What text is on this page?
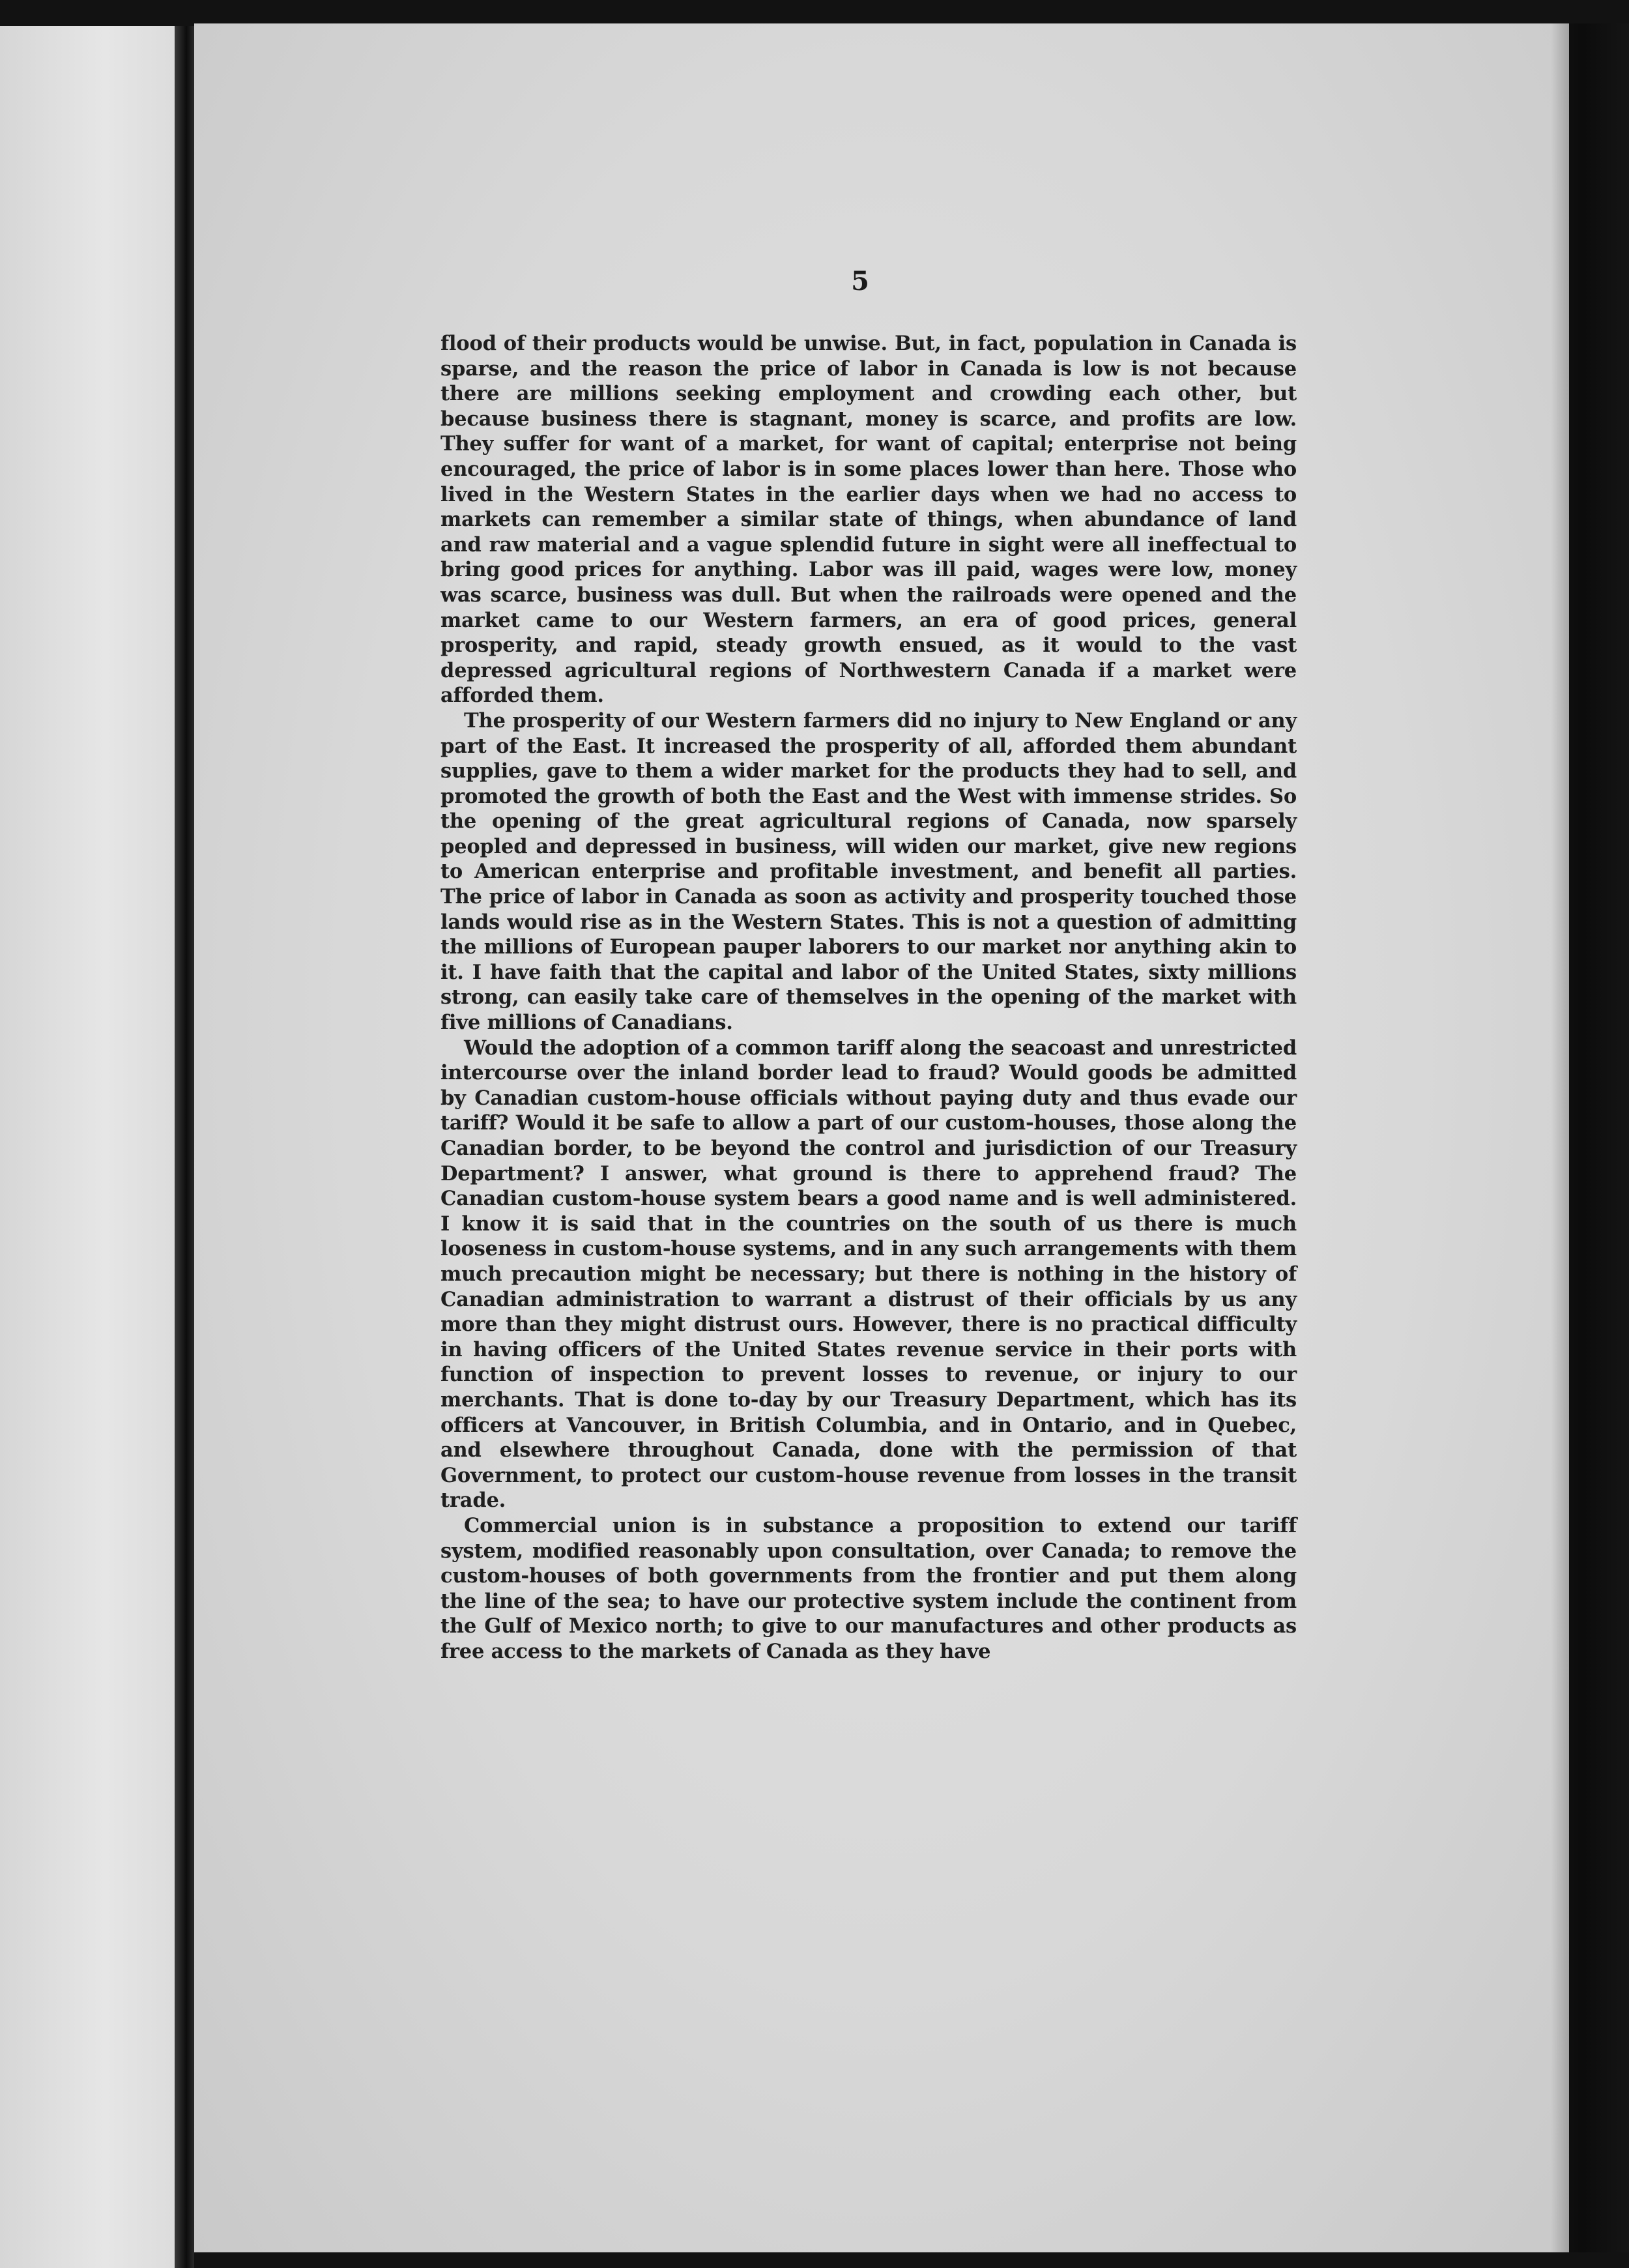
5

flood of their products would be unwise. But, in fact, population in Canada is sparse, and the reason the price of labor in Canada is low is not because there are millions seeking employment and crowding each other, but because business there is stagnant, money is scarce, and profits are low. They suffer for want of a market, for want of capital; enterprise not being encouraged, the price of labor is in some places lower than here. Those who lived in the Western States in the earlier days when we had no access to markets can remember a similar state of things, when abundance of land and raw material and a vague splendid future in sight were all ineffectual to bring good prices for anything. Labor was ill paid, wages were low, money was scarce, business was dull. But when the railroads were opened and the market came to our Western farmers, an era of good prices, general prosperity, and rapid, steady growth ensued, as it would to the vast depressed agricultural regions of Northwestern Canada if a market were afforded them.

The prosperity of our Western farmers did no injury to New England or any part of the East. It increased the prosperity of all, afforded them abundant supplies, gave to them a wider market for the products they had to sell, and promoted the growth of both the East and the West with immense strides. So the opening of the great agricultural regions of Canada, now sparsely peopled and depressed in business, will widen our market, give new regions to American enterprise and profitable investment, and benefit all parties. The price of labor in Canada as soon as activity and prosperity touched those lands would rise as in the Western States. This is not a question of admitting the millions of European pauper laborers to our market nor anything akin to it. I have faith that the capital and labor of the United States, sixty millions strong, can easily take care of themselves in the opening of the market with five millions of Canadians.

Would the adoption of a common tariff along the seacoast and unrestricted intercourse over the inland border lead to fraud? Would goods be admitted by Canadian custom-house officials without paying duty and thus evade our tariff? Would it be safe to allow a part of our custom-houses, those along the Canadian border, to be beyond the control and jurisdiction of our Treasury Department? I answer, what ground is there to apprehend fraud? The Canadian custom-house system bears a good name and is well administered. I know it is said that in the countries on the south of us there is much looseness in custom-house systems, and in any such arrangements with them much precaution might be necessary; but there is nothing in the history of Canadian administration to warrant a distrust of their officials by us any more than they might distrust ours. However, there is no practical difficulty in having officers of the United States revenue service in their ports with function of inspection to prevent losses to revenue, or injury to our merchants. That is done to-day by our Treasury Department, which has its officers at Vancouver, in British Columbia, and in Ontario, and in Quebec, and elsewhere throughout Canada, done with the permission of that Government, to protect our custom-house revenue from losses in the transit trade.

Commercial union is in substance a proposition to extend our tariff system, modified reasonably upon consultation, over Canada; to remove the custom-houses of both governments from the frontier and put them along the line of the sea; to have our protective system include the continent from the Gulf of Mexico north; to give to our manufactures and other products as free access to the markets of Canada as they have
